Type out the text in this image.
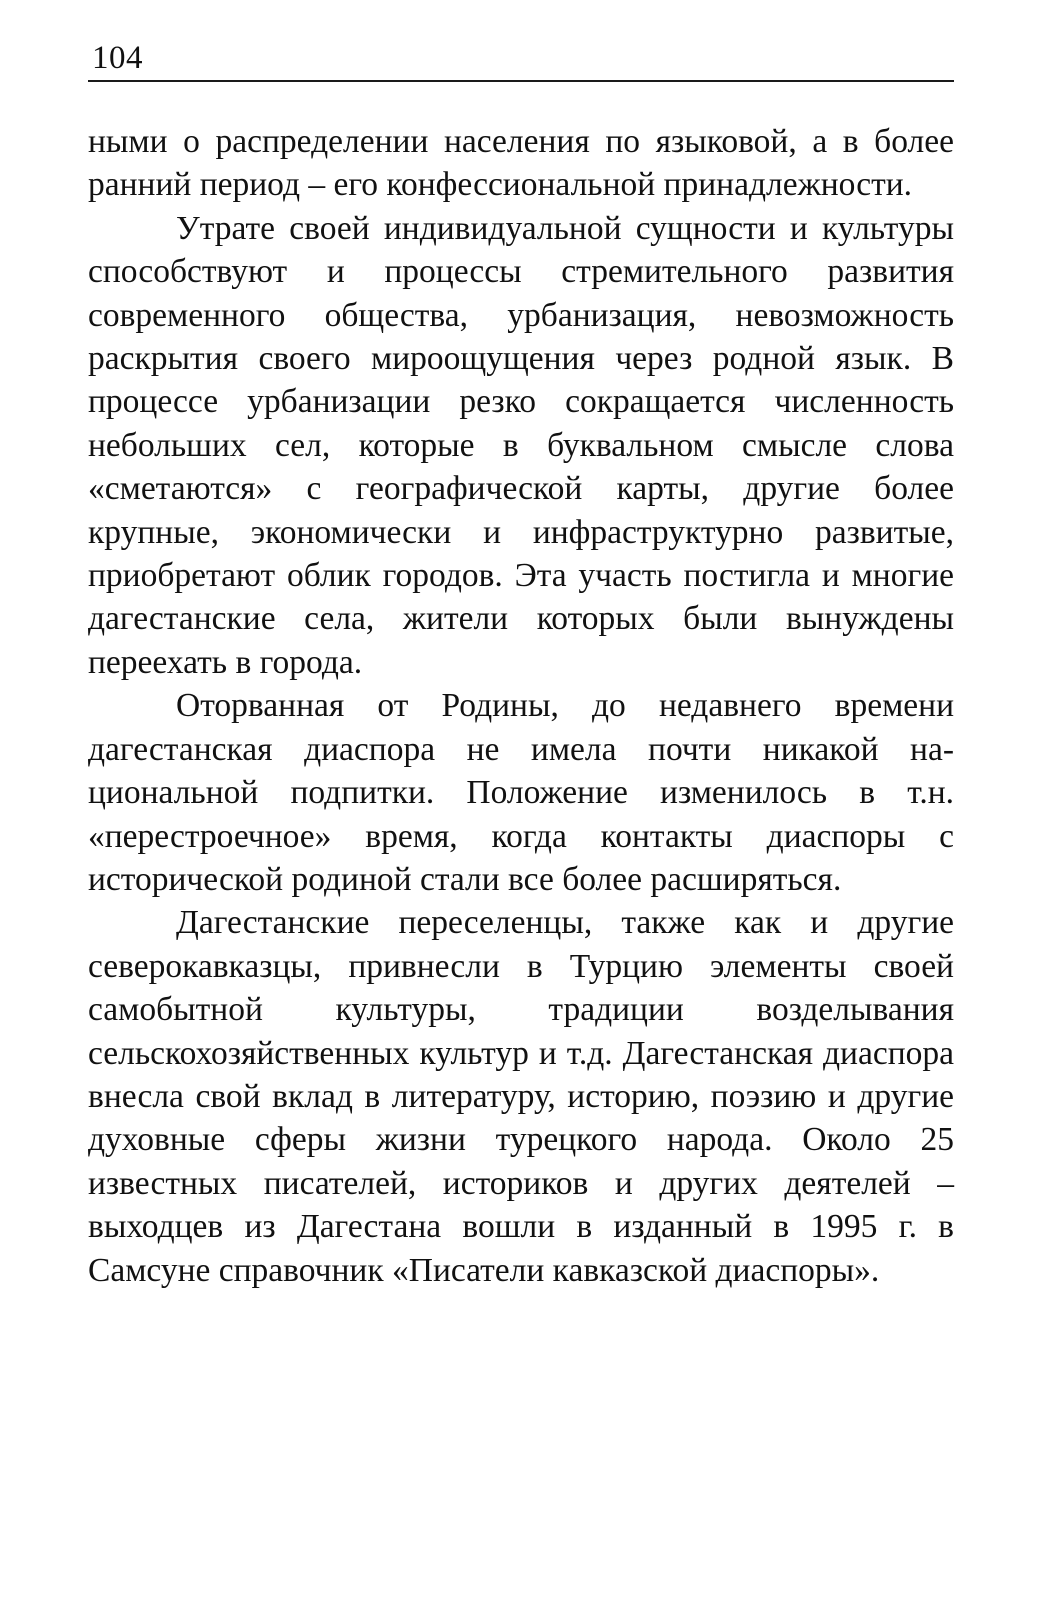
104

ными о распределении населения по языковой, а в более ранний период – его конфессиональной принадлежности.

Утрате своей индивидуальной сущности и культуры способствуют и процессы стремительного развития современного общества, урбанизация, невозможность раскрытия своего мироощущения через родной язык. В процессе урбанизации резко сокращается численность небольших сел, которые в буквальном смысле слова «сметаются» с географической карты, другие более крупные, экономически и инфраструктурно развитые, приобретают облик городов. Эта участь постигла и многие дагестанские села, жители которых были вынуждены переехать в города.

Оторванная от Родины, до недавнего времени дагестанская диаспора не имела почти никакой национальной подпитки. Положение изменилось в т.н. «перестроечное» время, когда контакты диаспоры с исторической родиной стали все более расширяться.

Дагестанские переселенцы, также как и другие северокавказцы, привнесли в Турцию элементы своей самобытной культуры, традиции возделывания сельскохозяйственных культур и т.д. Дагестанская диаспора внесла свой вклад в литературу, историю, поэзию и другие духовные сферы жизни турецкого народа. Около 25 известных писателей, историков и других деятелей – выходцев из Дагестана вошли в изданный в 1995 г. в Самсуне справочник «Писатели кавказской диаспоры».
